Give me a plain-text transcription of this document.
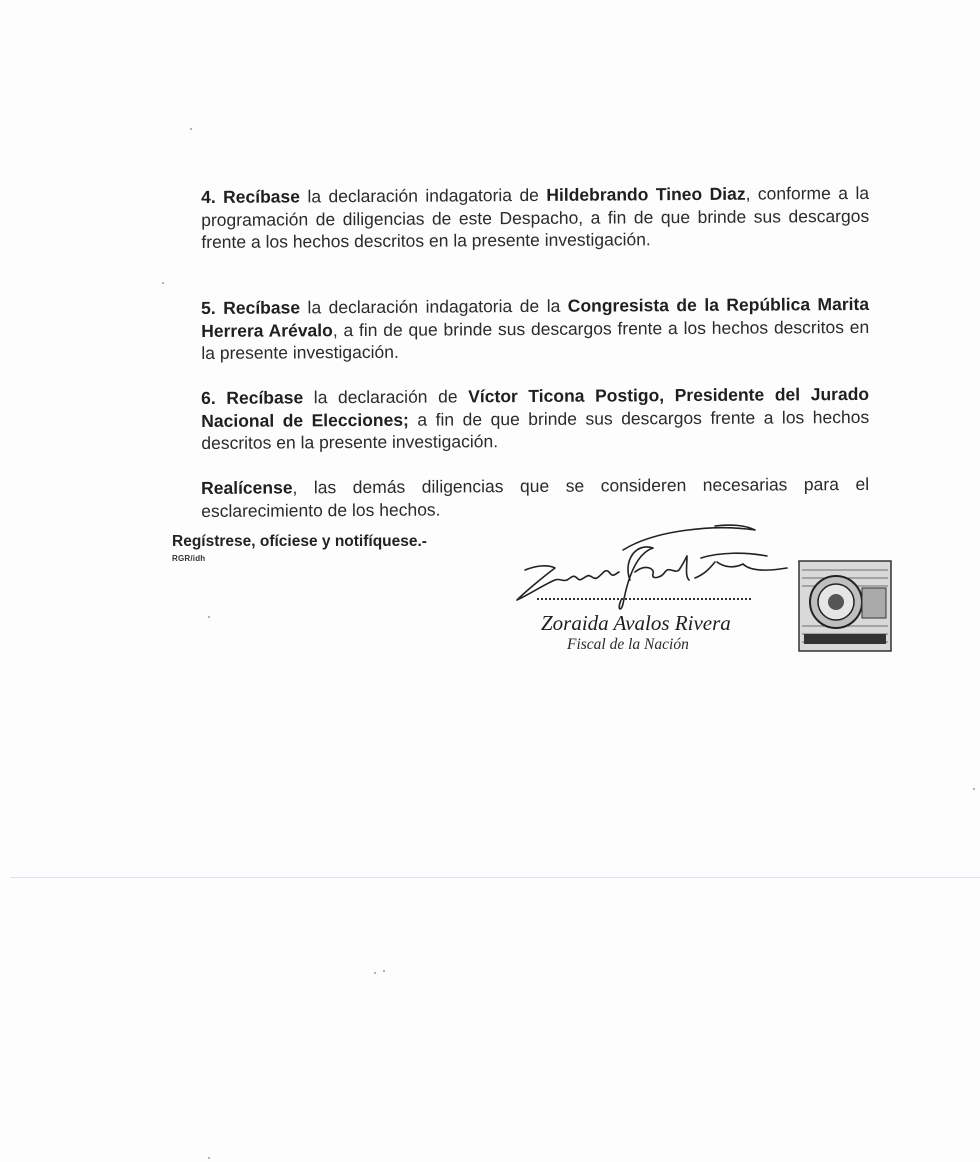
4. Recíbase la declaración indagatoria de Hildebrando Tineo Diaz, conforme a la programación de diligencias de este Despacho, a fin de que brinde sus descargos frente a los hechos descritos en la presente investigación.

5. Recíbase la declaración indagatoria de la Congresista de la República Marita Herrera Arévalo, a fin de que brinde sus descargos frente a los hechos descritos en la presente investigación.

6. Recíbase la declaración de Víctor Ticona Postigo, Presidente del Jurado Nacional de Elecciones; a fin de que brinde sus descargos frente a los hechos descritos en la presente investigación.

Realícense, las demás diligencias que se consideren necesarias para el esclarecimiento de los hechos.

Regístrese, ofíciese y notifíquese.-
RGR/idh
Zoraida Avalos Rivera
Fiscal de la Nación
